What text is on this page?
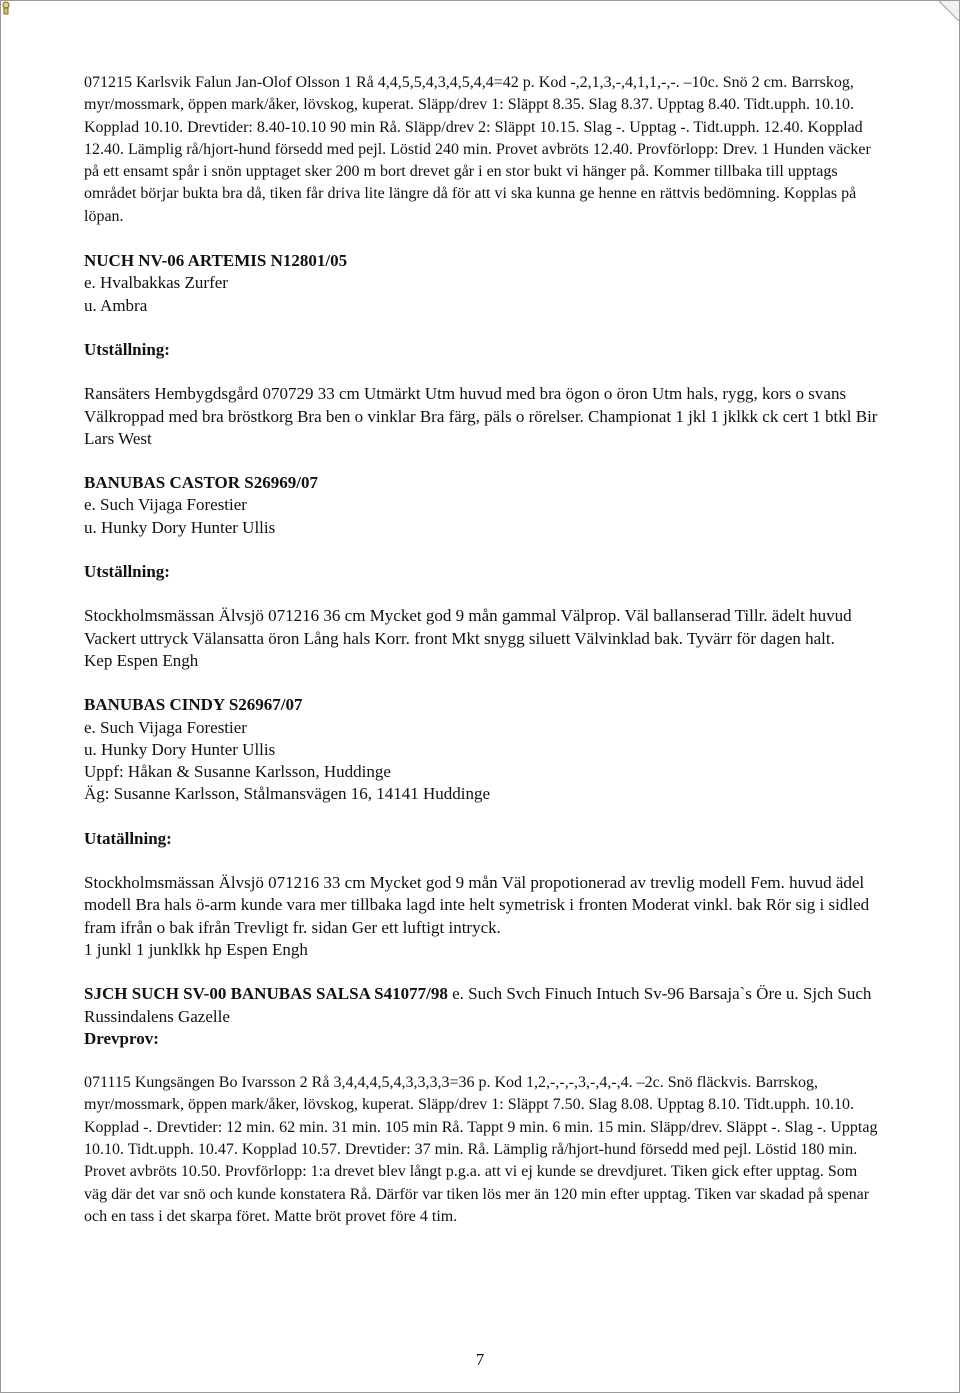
071215 Karlsvik Falun Jan-Olof Olsson 1 Rå 4,4,5,5,4,3,4,5,4,4=42 p. Kod -,2,1,3,-,4,1,1,-,-. –10c. Snö 2 cm. Barrskog, myr/mossmark, öppen mark/åker, lövskog, kuperat. Släpp/drev 1: Släppt 8.35. Slag 8.37. Upptag 8.40. Tidt.upph. 10.10. Kopplad 10.10. Drevtider: 8.40-10.10 90 min Rå. Släpp/drev 2: Släppt 10.15. Slag -. Upptag -. Tidt.upph. 12.40. Kopplad 12.40. Lämplig rå/hjort-hund försedd med pejl. Löstid 240 min. Provet avbröts 12.40. Provförlopp: Drev. 1 Hunden väcker på ett ensamt spår i snön upptaget sker 200 m bort drevet går i en stor bukt vi hänger på. Kommer tillbaka till upptags området börjar bukta bra då, tiken får driva lite längre då för att vi ska kunna ge henne en rättvis bedömning. Kopplas på löpan.

NUCH NV-06 ARTEMIS N12801/05

e. Hvalbakkas Zurfer

u. Ambra

Utställning:

Ransäters Hembygdsgård 070729 33 cm Utmärkt Utm huvud med bra ögon o öron Utm hals, rygg, kors o svans Välkroppad med bra bröstkorg Bra ben o vinklar Bra färg, päls o rörelser. Championat 1 jkl 1 jklkk ck cert 1 btkl Bir Lars West

BANUBAS CASTOR S26969/07

e. Such Vijaga Forestier

u. Hunky Dory Hunter Ullis

Utställning:

Stockholmsmässan Älvsjö 071216 36 cm Mycket god 9 mån gammal Välprop. Väl ballanserad Tillr. ädelt huvud Vackert uttryck Välansatta öron Lång hals Korr. front Mkt snygg siluett Välvinklad bak. Tyvärr för dagen halt.

Kep Espen Engh

BANUBAS CINDY S26967/07

e. Such Vijaga Forestier

u. Hunky Dory Hunter Ullis

Uppf: Håkan & Susanne Karlsson, Huddinge

Äg: Susanne Karlsson, Stålmansvägen 16, 14141 Huddinge

Utatällning:

Stockholmsmässan Älvsjö 071216 33 cm Mycket god 9 mån Väl propotionerad av trevlig modell Fem. huvud ädel modell Bra hals ö-arm kunde vara mer tillbaka lagd inte helt symetrisk i fronten Moderat vinkl. bak Rör sig i sidled fram ifrån o bak ifrån Trevligt fr. sidan Ger ett luftigt intryck.

1 junkl 1 junklkk hp Espen Engh

SJCH SUCH SV-00 BANUBAS SALSA S41077/98 e. Such Svch Finuch Intuch Sv-96 Barsaja`s Öre u. Sjch Such Russindalens Gazelle

Drevprov:

071115 Kungsängen Bo Ivarsson 2 Rå 3,4,4,4,5,4,3,3,3,3=36 p. Kod 1,2,-,-,-,3,-,4,-,4. –2c. Snö fläckvis. Barrskog, myr/mossmark, öppen mark/åker, lövskog, kuperat. Släpp/drev 1: Släppt 7.50. Slag 8.08. Upptag 8.10. Tidt.upph. 10.10. Kopplad -. Drevtider: 12 min. 62 min. 31 min. 105 min Rå. Tappt 9 min. 6 min. 15 min. Släpp/drev. Släppt -. Slag -. Upptag 10.10. Tidt.upph. 10.47. Kopplad 10.57. Drevtider: 37 min. Rå. Lämplig rå/hjort-hund försedd med pejl. Löstid 180 min. Provet avbröts 10.50. Provförlopp: 1:a drevet blev långt p.g.a. att vi ej kunde se drevdjuret. Tiken gick efter upptag. Som väg där det var snö och kunde konstatera Rå. Därför var tiken lös mer än 120 min efter upptag. Tiken var skadad på spenar och en tass i det skarpa föret. Matte bröt provet före 4 tim.

7
